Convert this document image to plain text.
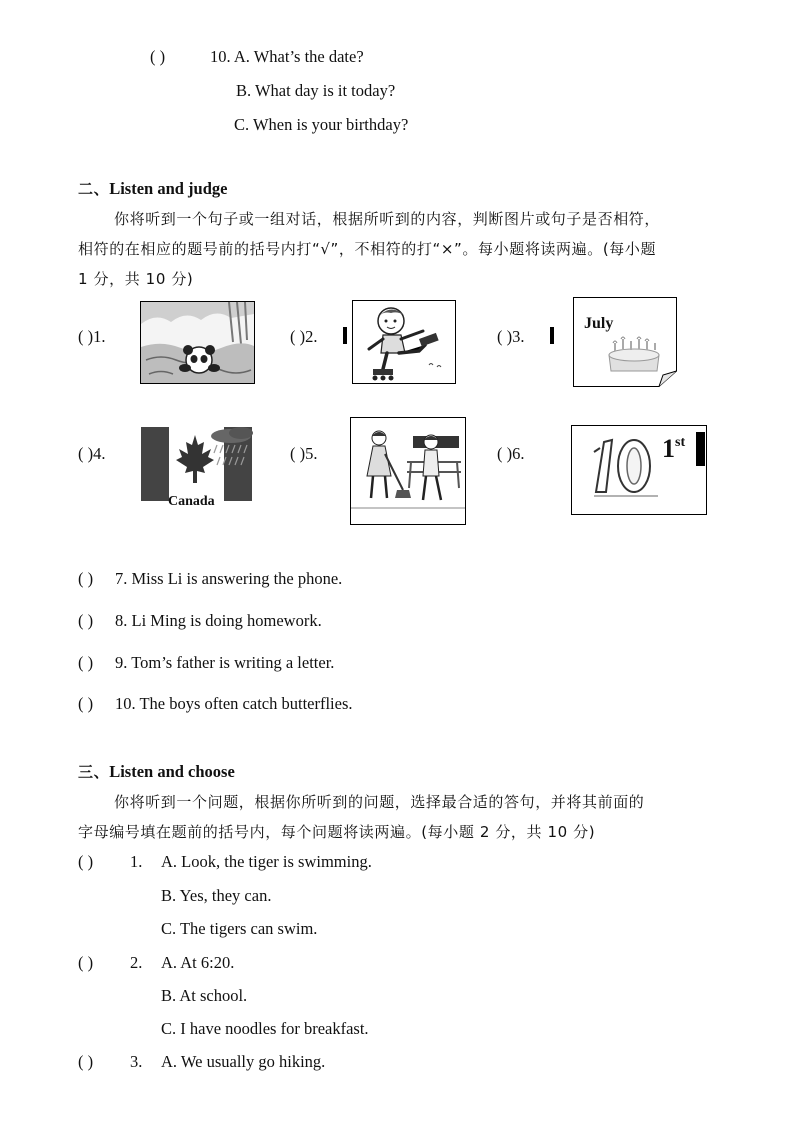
( )	10. A. What’s the date?
B. What day is it today?
C. When is your birthday?
二、Listen and judge
你将听到一个句子或一组对话，根据所听到的内容，判断图片或句子是否相符，
相符的在相应的题号前的括号内打“√”，不相符的打“×”。每小题将读两遍。(每小题
1 分，共 10 分)
( )1.	( )2.	( )3.
July
( )4.
Canada
( )5.	( )6.	1st
( ) 7. Miss Li is answering the phone.
( ) 8. Li Ming is doing homework.
( ) 9. Tom’s father is writing a letter.
( ) 10. The boys often catch butterflies.
三、Listen and choose
你将听到一个问题，根据你所听到的问题，选择最合适的答句，并将其前面的
字母编号填在题前的括号内，每个问题将读两遍。(每小题 2 分，共 10 分)
( ) 1. A. Look, the tiger is swimming.
B. Yes, they can.
C. The tigers can swim.
( ) 2. A. At 6:20.
B. At school.
C. I have noodles for breakfast.
( ) 3. A. We usually go hiking.
